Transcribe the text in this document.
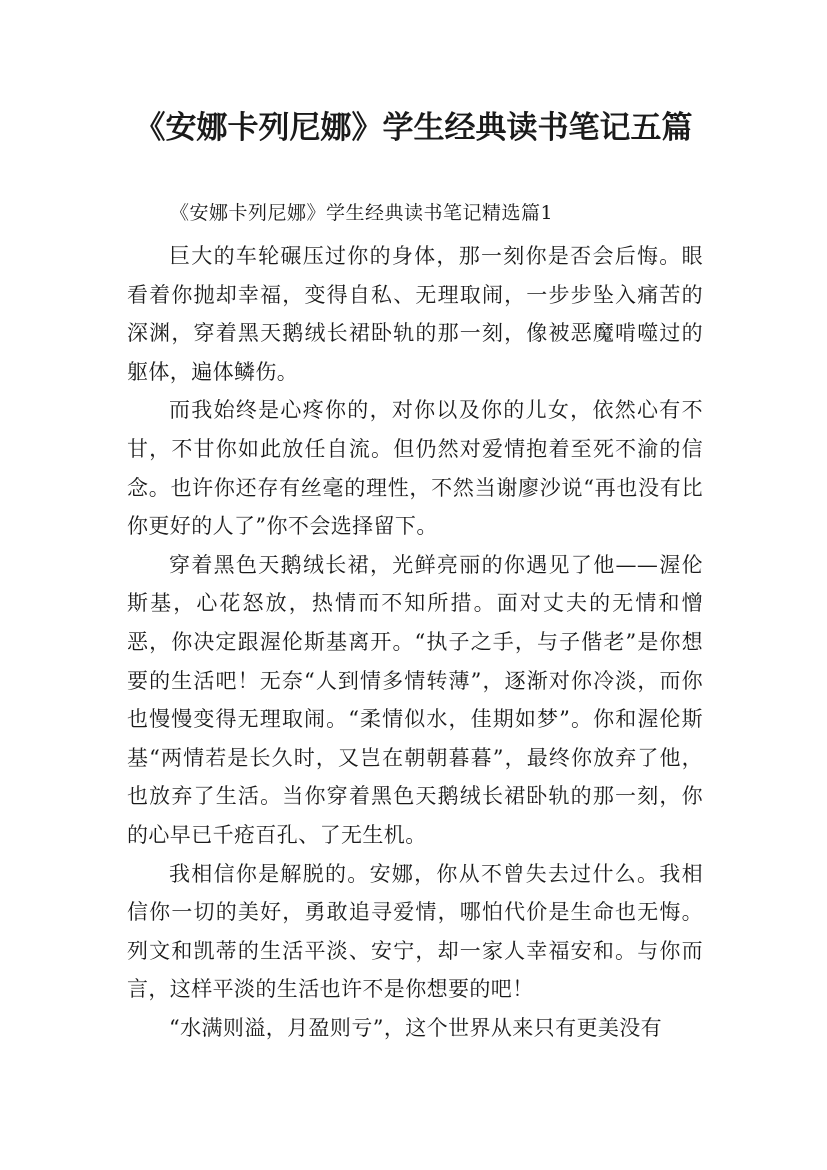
《安娜卡列尼娜》学生经典读书笔记五篇
《安娜卡列尼娜》学生经典读书笔记精选篇1

巨大的车轮碾压过你的身体，那一刻你是否会后悔。眼看着你抛却幸福，变得自私、无理取闹，一步步坠入痛苦的深渊，穿着黑天鹅绒长裙卧轨的那一刻，像被恶魔啃噬过的躯体，遍体鳞伤。

而我始终是心疼你的，对你以及你的儿女，依然心有不甘，不甘你如此放任自流。但仍然对爱情抱着至死不渝的信念。也许你还存有丝毫的理性，不然当谢廖沙说“再也没有比你更好的人了”你不会选择留下。

穿着黑色天鹅绒长裙，光鲜亮丽的你遇见了他——渥伦斯基，心花怒放，热情而不知所措。面对丈夫的无情和憎恶，你决定跟渥伦斯基离开。“执子之手，与子偕老”是你想要的生活吧！无奈“人到情多情转薄”，逐渐对你冷淡，而你也慢慢变得无理取闹。“柔情似水，佳期如梦”。你和渥伦斯基“两情若是长久时，又岂在朝朝暮暮”，最终你放弃了他，也放弃了生活。当你穿着黑色天鹅绒长裙卧轨的那一刻，你的心早已千疮百孔、了无生机。

我相信你是解脱的。安娜，你从不曾失去过什么。我相信你一切的美好，勇敢追寻爱情，哪怕代价是生命也无悔。列文和凯蒂的生活平淡、安宁，却一家人幸福安和。与你而言，这样平淡的生活也许不是你想要的吧！

“水满则溢，月盈则亏”，这个世界从来只有更美没有
